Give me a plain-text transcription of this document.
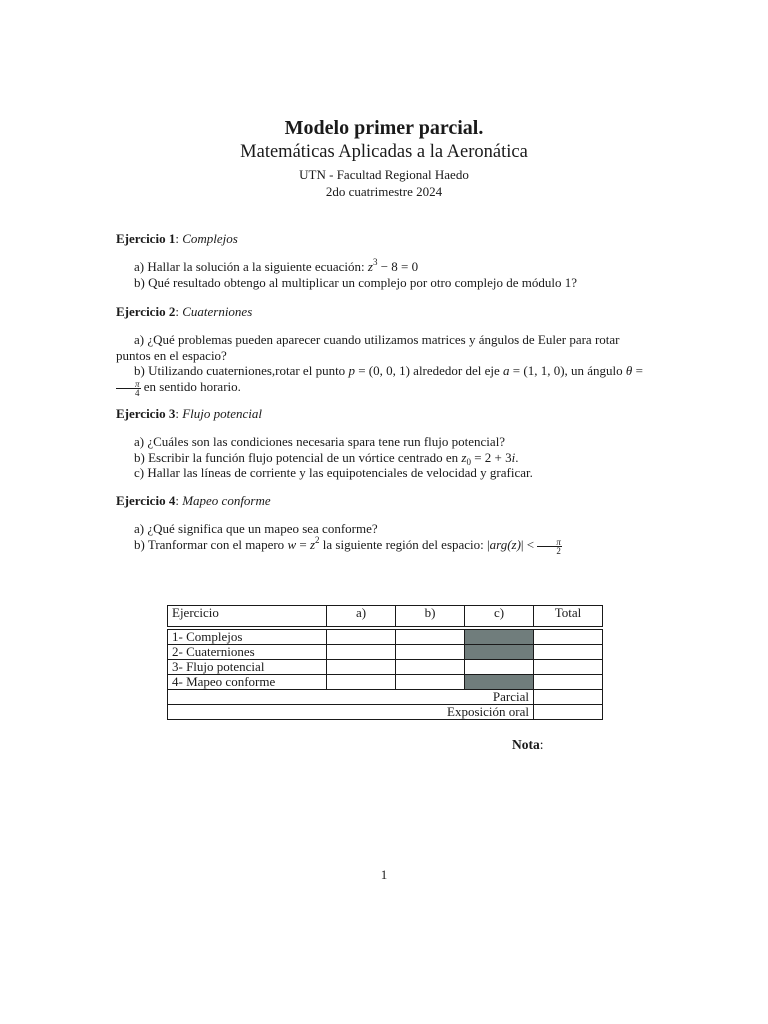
Modelo primer parcial.
Matemáticas Aplicadas a la Aeronática
UTN - Facultad Regional Haedo
2do cuatrimestre 2024
Ejercicio 1: Complejos
a) Hallar la solución a la siguiente ecuación: $z^3 - 8 = 0$
b) Qué resultado obtengo al multiplicar un complejo por otro complejo de módulo 1?
Ejercicio 2: Cuaterniones
a) ¿Qué problemas pueden aparecer cuando utilizamos matrices y ángulos de Euler para rotar puntos en el espacio?
b) Utilizando cuaterniones,rotar el punto p = (0, 0, 1) alrededor del eje a = (1, 1, 0), un ángulo θ =
$\frac{\pi}{4}$ en sentido horario.
Ejercicio 3: Flujo potencial
a) ¿Cuáles son las condiciones necesaria spara tene run flujo potencial?
b) Escribir la función flujo potencial de un vórtice centrado en $z_0 = 2 + 3i$.
c) Hallar las líneas de corriente y las equipotenciales de velocidad y graficar.
Ejercicio 4: Mapeo conforme
a) ¿Qué significa que un mapeo sea conforme?
b) Tranformar con el mapero $w = z^2$ la siguiente región del espacio: $|arg(z)| < \frac{\pi}{2}$
Ejercicio	a)	b)	c)	Total

1- Complejos				
2- Cuaterniones				
3- Flujo potencial				
4- Mapeo conforme				
Parcial				
Exposición oral				
Nota:
1
